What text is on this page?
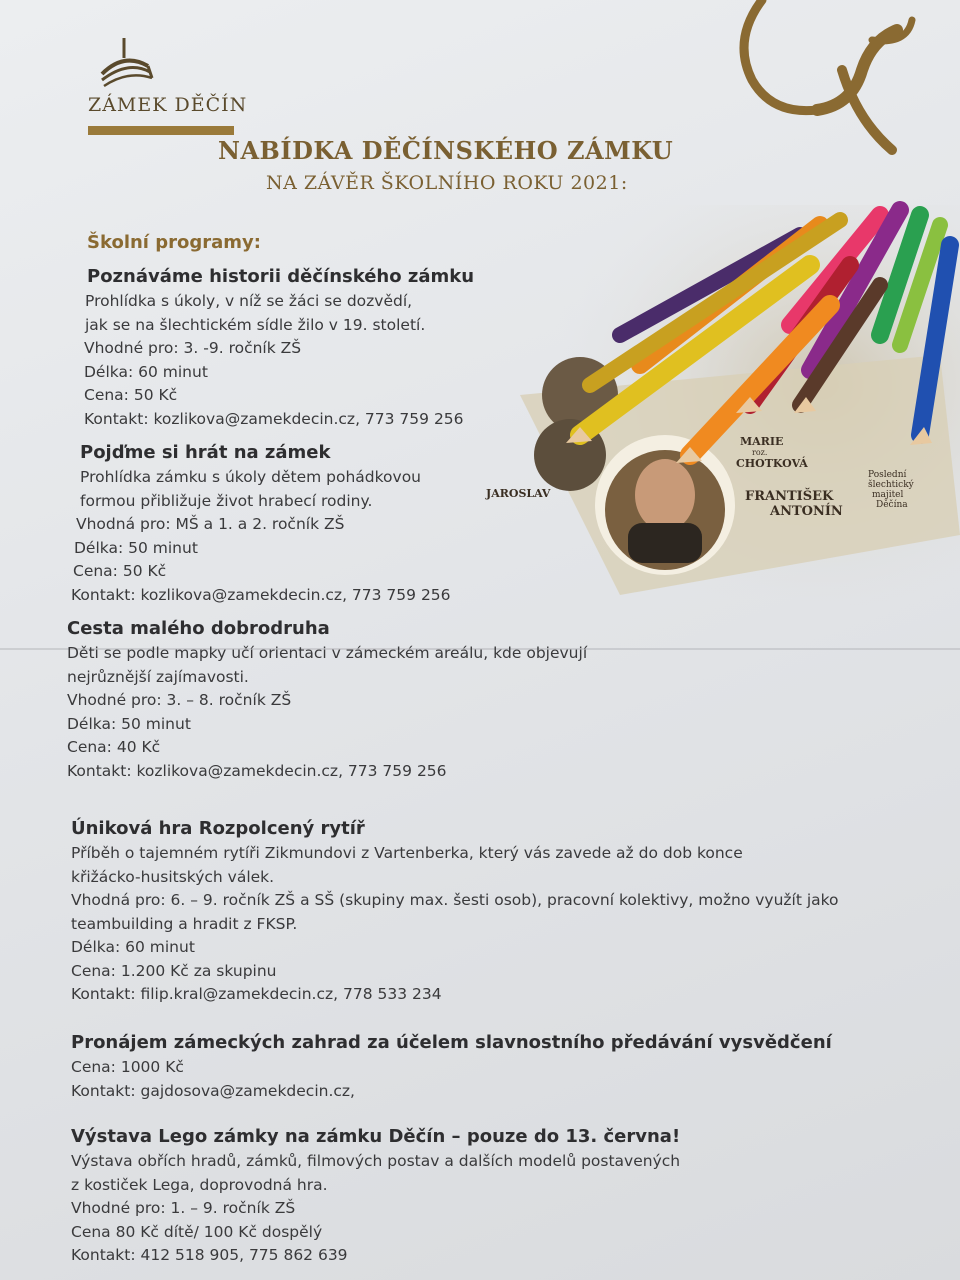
ZÁMEK DĚČÍN
NABÍDKA DĚČÍNSKÉHO ZÁMKU
NA ZÁVĚR ŠKOLNÍHO ROKU 2021:
Školní programy:
MARIE
roz.
CHOTKOVÁ
JAROSLAV	FRANTIŠEK
ANTONÍN
Poslední
šlechtický
majitel
Děčína
Poznáváme historii děčínského zámku

Prohlídka s úkoly, v níž se žáci se dozvědí,

jak se na šlechtickém sídle žilo v 19. století.

Vhodné pro: 3. -9. ročník ZŠ

Délka: 60 minut

Cena: 50 Kč

Kontakt: kozlikova@zamekdecin.cz, 773 759 256

Pojďme si hrát na zámek

Prohlídka zámku s úkoly dětem pohádkovou

formou přibližuje život hrabecí rodiny.

Vhodná pro: MŠ a 1. a 2. ročník ZŠ

Délka: 50 minut

Cena: 50 Kč

Kontakt: kozlikova@zamekdecin.cz, 773 759 256

Cesta malého dobrodruha

Děti se podle mapky učí orientaci v zámeckém areálu, kde objevují

nejrůznější zajímavosti.

Vhodné pro: 3. – 8. ročník ZŠ

Délka: 50 minut

Cena: 40 Kč

Kontakt: kozlikova@zamekdecin.cz, 773 759 256

Úniková hra Rozpolcený rytíř

Příběh o tajemném rytíři Zikmundovi z Vartenberka, který vás zavede až do dob konce

křižácko-husitských válek.

Vhodná pro: 6. – 9. ročník ZŠ a SŠ (skupiny max. šesti osob), pracovní kolektivy, možno využít jako

teambuilding a hradit z FKSP.

Délka: 60 minut

Cena: 1.200 Kč za skupinu

Kontakt: filip.kral@zamekdecin.cz, 778 533 234

Pronájem zámeckých zahrad za účelem slavnostního předávání vysvědčení

Cena: 1000 Kč

Kontakt: gajdosova@zamekdecin.cz,

Výstava Lego zámky na zámku Děčín – pouze do 13. června!

Výstava obřích hradů, zámků, filmových postav a dalších modelů postavených

z kostiček Lega, doprovodná hra.

Vhodné pro: 1. – 9. ročník ZŠ

Cena 80 Kč dítě/ 100 Kč dospělý

Kontakt: 412 518 905, 775 862 639
